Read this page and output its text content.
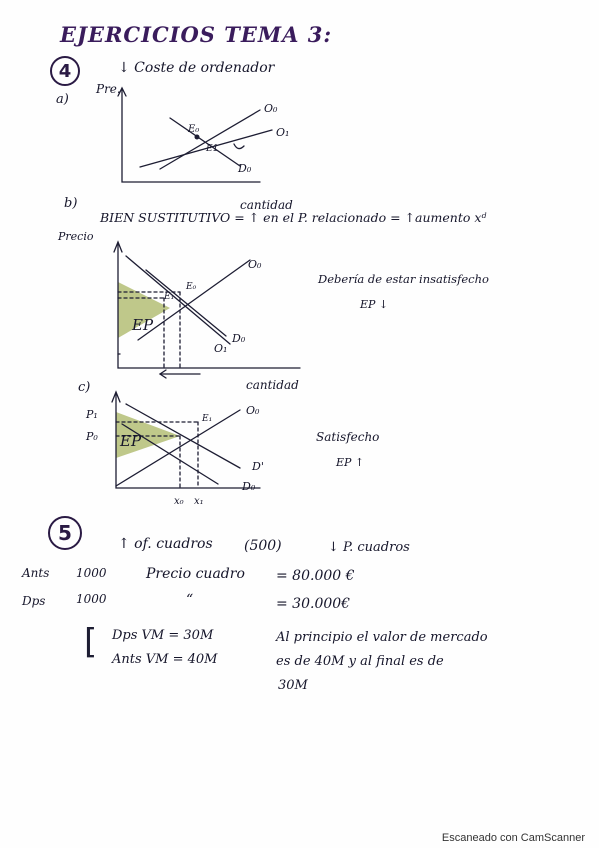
EJERCICIOS TEMA 3:
4	↓ Coste de ordenador
a)
Pre.
O₀
O₁
D₀
E₀
E1
cantidad
b)
BIEN SUSTITUTIVO = ↑ en el P. relacionado = ↑aumento xᵈ
Precio
O₀
D₀
O₁
E₀
E₁
EP
cantidad
Debería de estar insatisfecho
EP ↓
c)
P₁
P₀
O₀
D'
D₀
E₁
EP
x₀ x₁
Satisfecho
EP ↑
5	↑ of. cuadros (500)	↓ P. cuadros
Ants 1000	Precio cuadro = 80.000 €
Dps	1000	“	= 30.000€
[ Dps VM = 30M
Ants VM = 40M
Al principio el valor de mercado
es de 40M y al final es de
30M
Escaneado con CamScanner
